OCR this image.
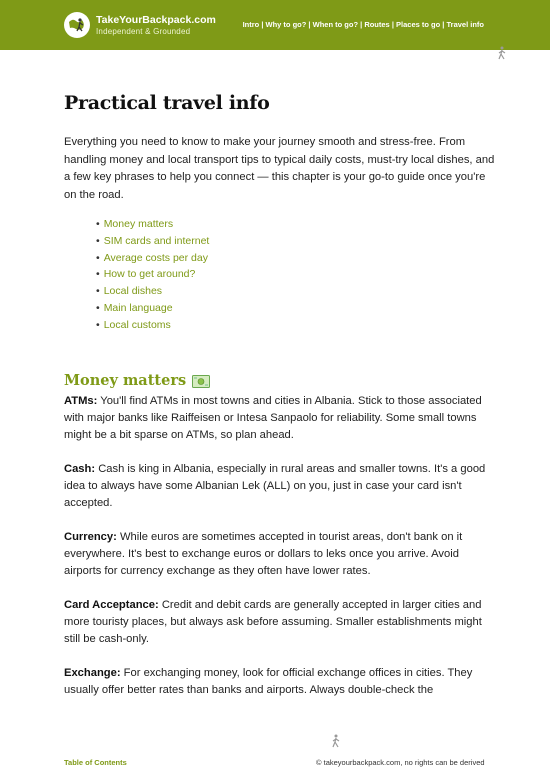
TakeYourBackpack.com
Independent & Grounded
Intro | Why to go? | When to go? | Routes | Places to go | Travel info
Practical travel info

Everything you need to know to make your journey smooth and stress-free. From handling money and local transport tips to typical daily costs, must-try local dishes, and a few key phrases to help you connect — this chapter is your go-to guide once you're on the road.

• Money matters
• SIM cards and internet
• Average costs per day
• How to get around?
• Local dishes
• Main language
• Local customs
Money matters

ATMs: You'll find ATMs in most towns and cities in Albania. Stick to those associated with major banks like Raiffeisen or Intesa Sanpaolo for reliability. Some small towns might be a bit sparse on ATMs, so plan ahead.

Cash: Cash is king in Albania, especially in rural areas and smaller towns. It's a good idea to always have some Albanian Lek (ALL) on you, just in case your card isn't accepted.

Currency: While euros are sometimes accepted in tourist areas, don't bank on it everywhere. It's best to exchange euros or dollars to leks once you arrive. Avoid airports for currency exchange as they often have lower rates.

Card Acceptance: Credit and debit cards are generally accepted in larger cities and more touristy places, but always ask before assuming. Smaller establishments might still be cash-only.

Exchange: For exchanging money, look for official exchange offices in cities. They usually offer better rates than banks and airports. Always double-check the

Table of Contents	© takeyourbackpack.com, no rights can be derived
